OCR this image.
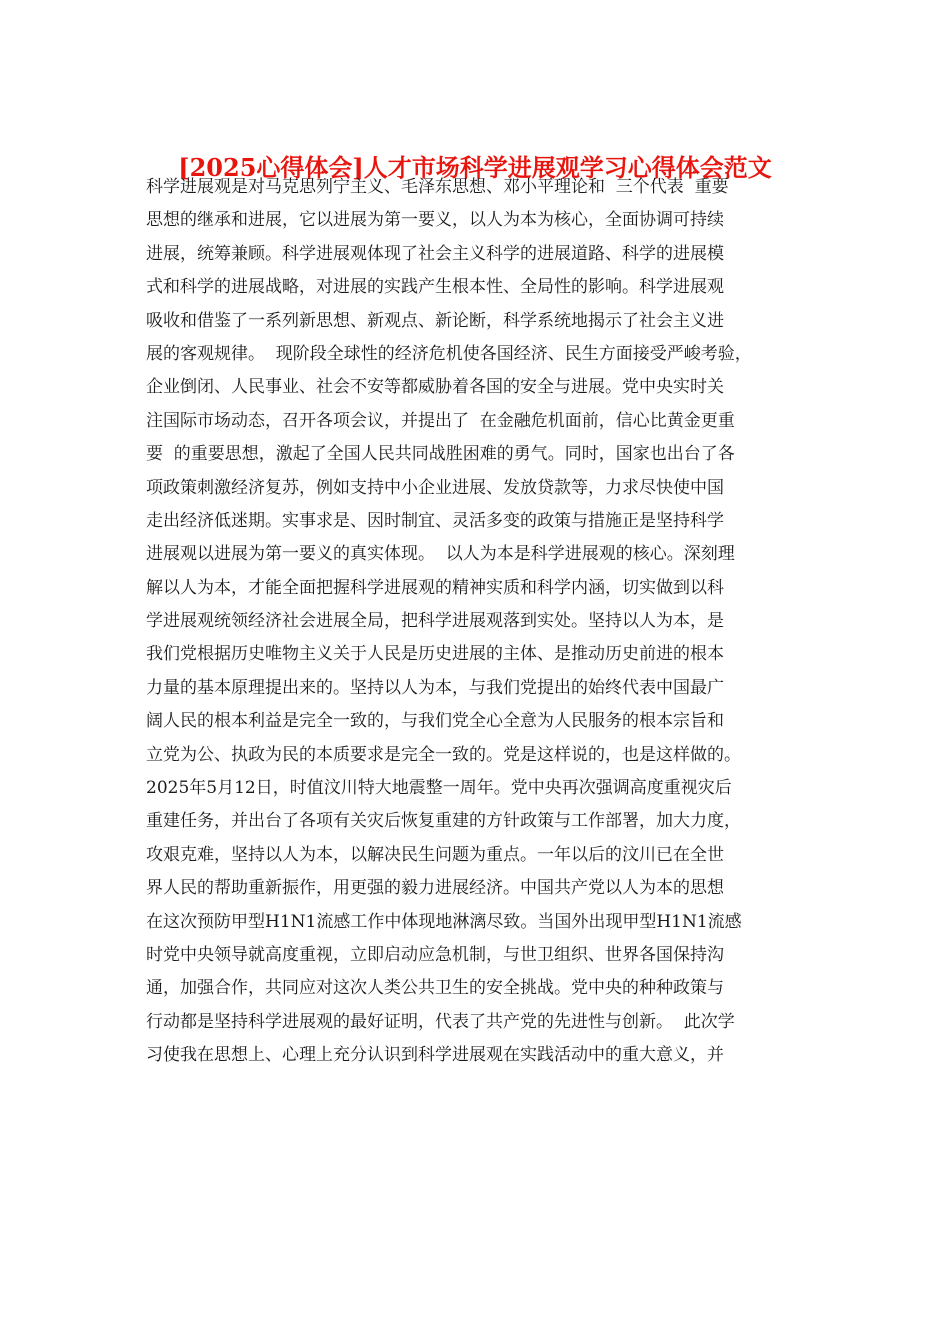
[2025心得体会]人才市场科学进展观学习心得体会范文
科学进展观是对马克思列宁主义、毛泽东思想、邓小平理论和  三个代表  重要
思想的继承和进展，它以进展为第一要义，以人为本为核心，全面协调可持续
进展，统筹兼顾。科学进展观体现了社会主义科学的进展道路、科学的进展模
式和科学的进展战略，对进展的实践产生根本性、全局性的影响。科学进展观
吸收和借鉴了一系列新思想、新观点、新论断，科学系统地揭示了社会主义进
展的客观规律。  现阶段全球性的经济危机使各国经济、民生方面接受严峻考验，
企业倒闭、人民事业、社会不安等都威胁着各国的安全与进展。党中央实时关
注国际市场动态，召开各项会议，并提出了  在金融危机面前，信心比黄金更重
要  的重要思想，激起了全国人民共同战胜困难的勇气。同时，国家也出台了各
项政策刺激经济复苏，例如支持中小企业进展、发放贷款等，力求尽快使中国
走出经济低迷期。实事求是、因时制宜、灵活多变的政策与措施正是坚持科学
进展观以进展为第一要义的真实体现。  以人为本是科学进展观的核心。深刻理
解以人为本，才能全面把握科学进展观的精神实质和科学内涵，切实做到以科
学进展观统领经济社会进展全局，把科学进展观落到实处。坚持以人为本，是
我们党根据历史唯物主义关于人民是历史进展的主体、是推动历史前进的根本
力量的基本原理提出来的。坚持以人为本，与我们党提出的始终代表中国最广
阔人民的根本利益是完全一致的，与我们党全心全意为人民服务的根本宗旨和
立党为公、执政为民的本质要求是完全一致的。党是这样说的，也是这样做的。
2025年5月12日，时值汶川特大地震整一周年。党中央再次强调高度重视灾后
重建任务，并出台了各项有关灾后恢复重建的方针政策与工作部署，加大力度，
攻艰克难，坚持以人为本，以解决民生问题为重点。一年以后的汶川已在全世
界人民的帮助重新振作，用更强的毅力进展经济。中国共产党以人为本的思想
在这次预防甲型H1N1流感工作中体现地淋漓尽致。当国外出现甲型H1N1流感
时党中央领导就高度重视，立即启动应急机制，与世卫组织、世界各国保持沟
通，加强合作，共同应对这次人类公共卫生的安全挑战。党中央的种种政策与
行动都是坚持科学进展观的最好证明，代表了共产党的先进性与创新。  此次学
习使我在思想上、心理上充分认识到科学进展观在实践活动中的重大意义，并
